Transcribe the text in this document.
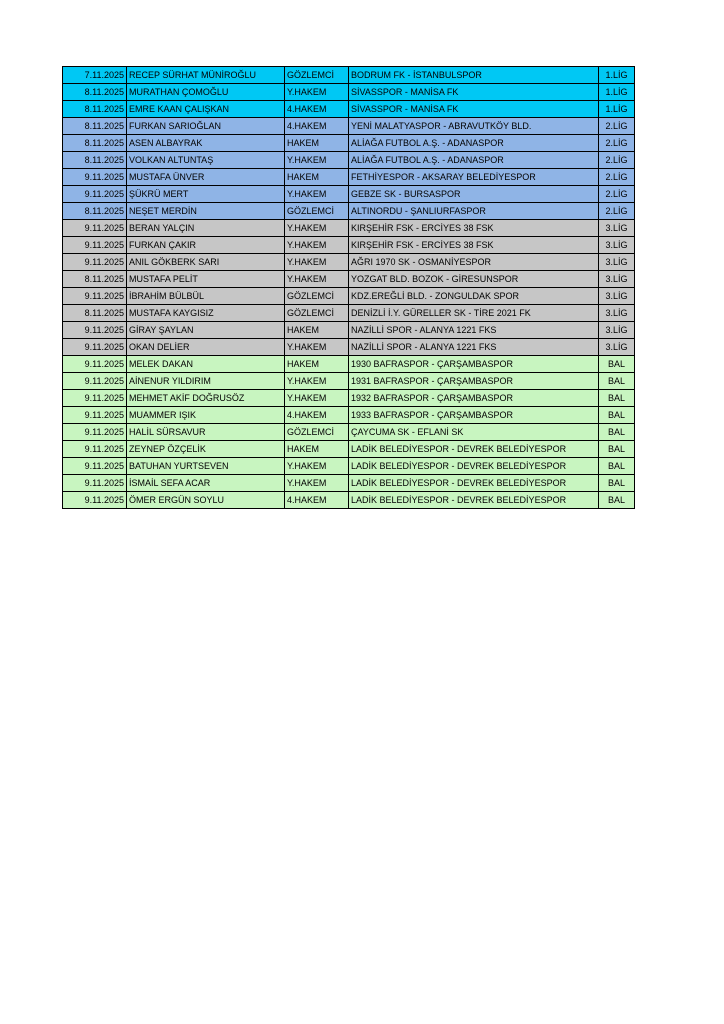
7.11.2025	RECEP SÜRHAT MÜNİROĞLU	GÖZLEMCİ	BODRUM FK - İSTANBULSPOR	1.LİG
8.11.2025	MURATHAN ÇOMOĞLU	Y.HAKEM	SİVASSPOR - MANİSA FK	1.LİG
8.11.2025	EMRE KAAN ÇALIŞKAN	4.HAKEM	SİVASSPOR - MANİSA FK	1.LİG
8.11.2025	FURKAN SARIOĞLAN	4.HAKEM	YENİ MALATYASPOR - ABRAVUTKÖY BLD.	2.LİG
8.11.2025	ASEN ALBAYRAK	HAKEM	ALİAĞA FUTBOL A.Ş. - ADANASPOR	2.LİG
8.11.2025	VOLKAN ALTUNTAŞ	Y.HAKEM	ALİAĞA FUTBOL A.Ş. - ADANASPOR	2.LİG
9.11.2025	MUSTAFA ÜNVER	HAKEM	FETHİYESPOR - AKSARAY BELEDİYESPOR	2.LİG
9.11.2025	ŞÜKRÜ MERT	Y.HAKEM	GEBZE SK - BURSASPOR	2.LİG
8.11.2025	NEŞET MERDİN	GÖZLEMCİ	ALTINORDU - ŞANLIURFASPOR	2.LİG
9.11.2025	BERAN YALÇIN	Y.HAKEM	KIRŞEHİR FSK - ERCİYES 38 FSK	3.LİG
9.11.2025	FURKAN ÇAKIR	Y.HAKEM	KIRŞEHİR FSK - ERCİYES 38 FSK	3.LİG
9.11.2025	ANIL GÖKBERK SARI	Y.HAKEM	AĞRI 1970 SK - OSMANİYESPOR	3.LİG
8.11.2025	MUSTAFA PELİT	Y.HAKEM	YOZGAT BLD. BOZOK - GİRESUNSPOR	3.LİG
9.11.2025	İBRAHİM BÜLBÜL	GÖZLEMCİ	KDZ.EREĞLİ BLD. - ZONGULDAK SPOR	3.LİG
8.11.2025	MUSTAFA KAYGISIZ	GÖZLEMCİ	DENİZLİ İ.Y. GÜRELLER SK - TİRE 2021 FK	3.LİG
9.11.2025	GİRAY ŞAYLAN	HAKEM	NAZİLLİ SPOR - ALANYA 1221 FKS	3.LİG
9.11.2025	OKAN DELİER	Y.HAKEM	NAZİLLİ SPOR - ALANYA 1221 FKS	3.LİG
9.11.2025	MELEK DAKAN	HAKEM	1930 BAFRASPOR - ÇARŞAMBASPOR	BAL
9.11.2025	AİNENUR YILDIRIM	Y.HAKEM	1931 BAFRASPOR - ÇARŞAMBASPOR	BAL
9.11.2025	MEHMET AKİF DOĞRUSÖZ	Y.HAKEM	1932 BAFRASPOR - ÇARŞAMBASPOR	BAL
9.11.2025	MUAMMER IŞIK	4.HAKEM	1933 BAFRASPOR - ÇARŞAMBASPOR	BAL
9.11.2025	HALİL SÜRSAVUR	GÖZLEMCİ	ÇAYCUMA SK - EFLANİ SK	BAL
9.11.2025	ZEYNEP ÖZÇELİK	HAKEM	LADİK BELEDİYESPOR - DEVREK BELEDİYESPOR	BAL
9.11.2025	BATUHAN YURTSEVEN	Y.HAKEM	LADİK BELEDİYESPOR - DEVREK BELEDİYESPOR	BAL
9.11.2025	İSMAİL SEFA ACAR	Y.HAKEM	LADİK BELEDİYESPOR - DEVREK BELEDİYESPOR	BAL
9.11.2025	ÖMER ERGÜN SOYLU	4.HAKEM	LADİK BELEDİYESPOR - DEVREK BELEDİYESPOR	BAL
